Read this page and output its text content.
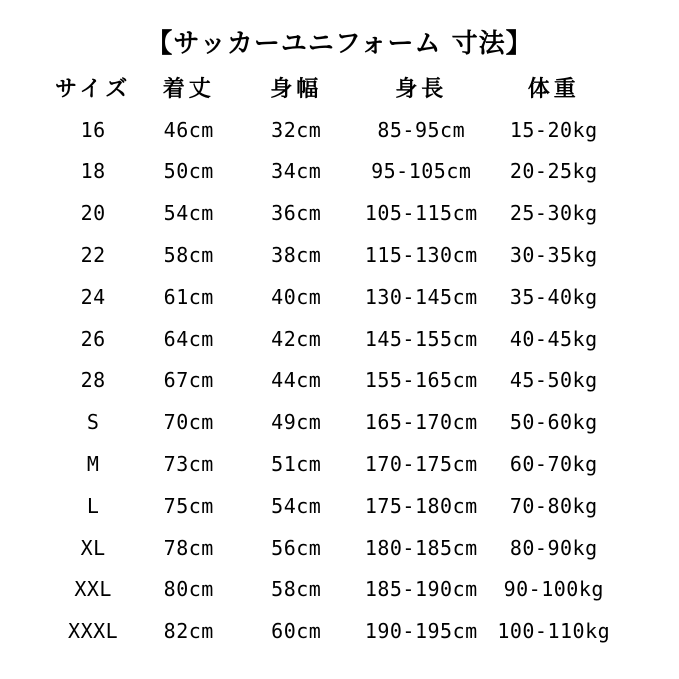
【サッカーユニフォーム 寸法】
サイズ	着丈	身幅	身長	体重
16	46cm	32cm	85-95cm	15-20kg
18	50cm	34cm	95-105cm	20-25kg
20	54cm	36cm	105-115cm	25-30kg
22	58cm	38cm	115-130cm	30-35kg
24	61cm	40cm	130-145cm	35-40kg
26	64cm	42cm	145-155cm	40-45kg
28	67cm	44cm	155-165cm	45-50kg
S	70cm	49cm	165-170cm	50-60kg
M	73cm	51cm	170-175cm	60-70kg
L	75cm	54cm	175-180cm	70-80kg
XL	78cm	56cm	180-185cm	80-90kg
XXL	80cm	58cm	185-190cm	90-100kg
XXXL	82cm	60cm	190-195cm	100-110kg
